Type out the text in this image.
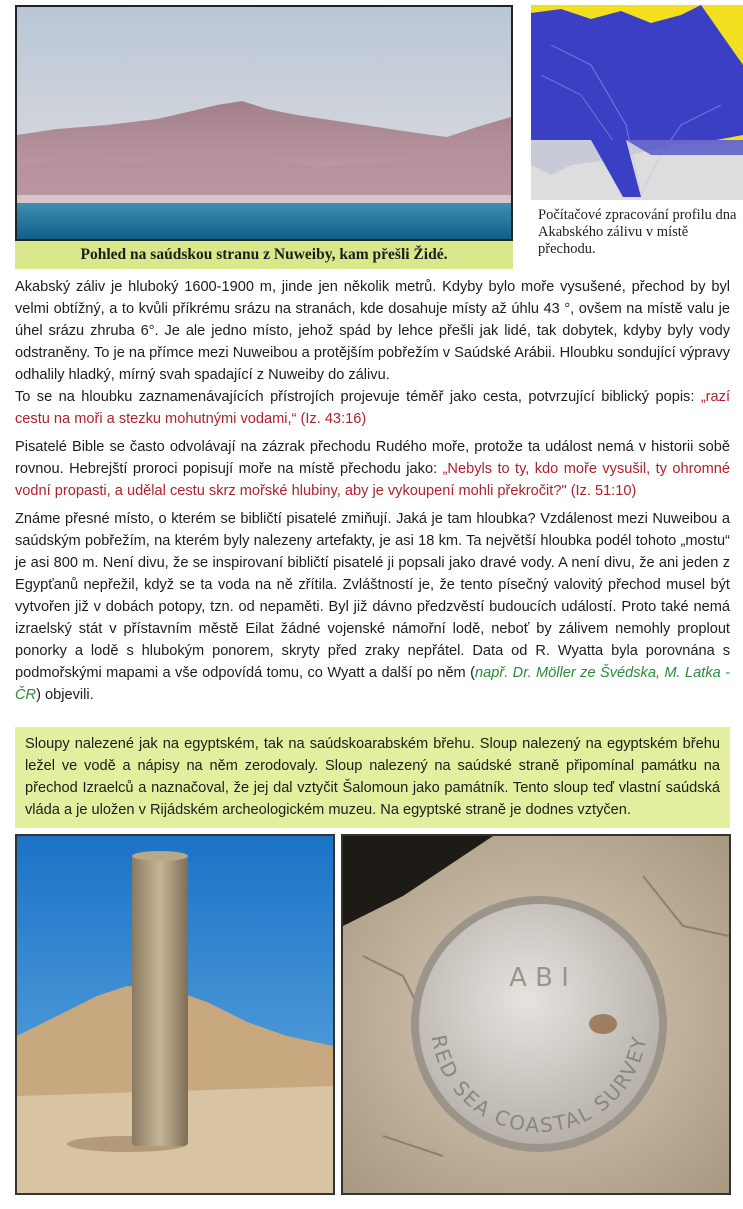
Pohled na saúdskou stranu z Nuweiby, kam přešli Židé.
Počítačové zpracování profilu dna Akabského zálivu v místě přechodu.
Akabský záliv je hluboký 1600-1900 m, jinde jen několik metrů. Kdyby bylo moře vysušené, přechod by byl velmi obtížný, a to kvůli příkrému srázu na stranách, kde dosahuje místy až úhlu 43 °, ovšem na místě valu je úhel srázu zhruba 6°. Je ale jedno místo, jehož spád by lehce přešli jak lidé, tak dobytek, kdyby byly vody odstraněny. To je na přímce mezi Nuweibou a protějším pobřežím v Saúdské Arábii. Hloubku sondující výpravy odhalily hladký, mírný svah spadající z Nuweiby do zálivu.
To se na hloubku zaznamenávajících přístrojích projevuje téměř jako cesta, potvrzující biblický popis: „razí cestu na moři a stezku mohutnými vodami,“ (Iz. 43:16)
Pisatelé Bible se často odvolávají na zázrak přechodu Rudého moře, protože ta událost nemá v historii sobě rovnou. Hebrejští proroci popisují moře na místě přechodu jako: „Nebyls to ty, kdo moře vysušil, ty ohromné vodní propasti, a udělal cestu skrz mořské hlubiny, aby je vykoupení mohli překročit?" (Iz. 51:10)
Známe přesné místo, o kterém se bibličtí pisatelé zmiňují. Jaká je tam hloubka? Vzdálenost mezi Nuweibou a saúdským pobřežím, na kterém byly nalezeny artefakty, je asi 18 km. Ta největší hloubka podél tohoto „mostu“ je asi 800 m. Není divu, že se inspirovaní bibličtí pisatelé ji popsali jako dravé vody. A není divu, že ani jeden z Egypťanů nepřežil, když se ta voda na ně zřítila. Zvláštností je, že tento písečný valovitý přechod musel být vytvořen již v dobách potopy, tzn. od nepaměti. Byl již dávno předzvěstí budoucích událostí. Proto také nemá izraelský stát v přístavním městě Eilat žádné vojenské námořní lodě, neboť by zálivem nemohly proplout ponorky a lodě s hlubokým ponorem, skryty před zraky nepřátel. Data od R. Wyatta byla porovnána s podmořskými mapami a vše odpovídá tomu, co Wyatt a další po něm (např. Dr. Möller ze Švédska, M. Latka - ČR) objevili.
Sloupy nalezené jak na egyptském, tak na saúdskoarabském břehu. Sloup nalezený na egyptském břehu ležel ve vodě a nápisy na něm zerodovaly. Sloup nalezený na saúdské straně připomínal památku na přechod Izraelců a naznačoval, že jej dal vztyčit Šalomoun jako památník. Tento sloup teď vlastní saúdská vláda a je uložen v Rijádském archeologickém muzeu. Na egyptské straně je dodnes vztyčen.
RED SEA COASTAL SURVEY
A B I
